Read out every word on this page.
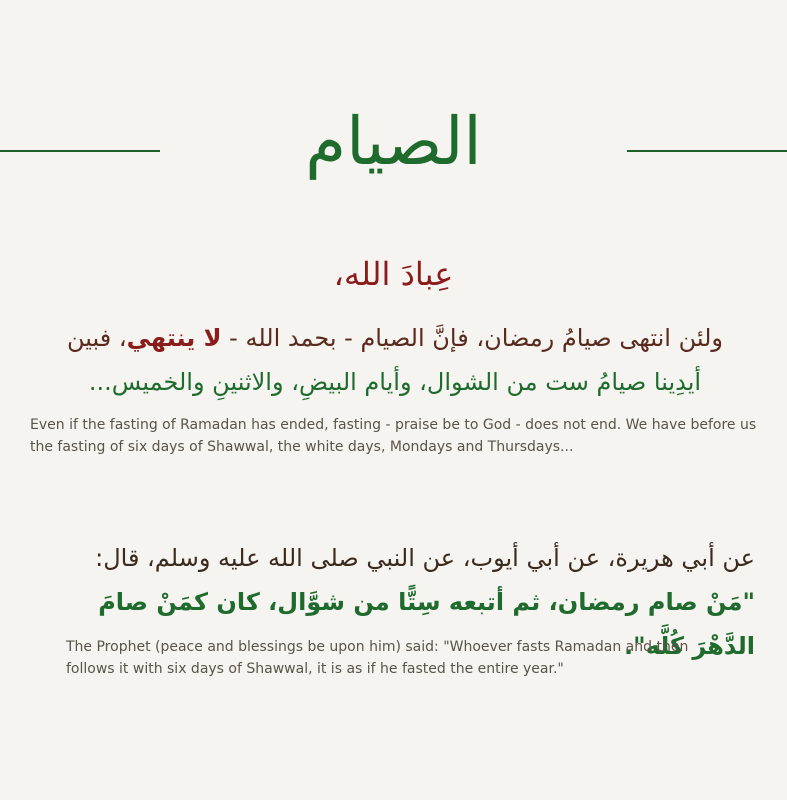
الصيام
عِبادَ الله،
ولئن انتهى صيامُ رمضان، فإنَّ الصيام - بحمد الله - لا ينتهي، فبين
أيدِينا صيامُ ست من الشوال، وأيام البيضِ، والاثنينِ والخميس...
Even if the fasting of Ramadan has ended, fasting - praise be to God - does not end. We have before us the fasting of six days of Shawwal, the white days, Mondays and Thursdays...
عن أبي هريرة، عن أبي أيوب، عن النبي صلى الله عليه وسلم، قال:
"مَنْ صام رمضان، ثم أتبعه سِتًّا من شوَّال، كان كمَنْ صامَ الدَّهْرَ كُلَّه".
The Prophet (peace and blessings be upon him) said: "Whoever fasts Ramadan and then follows it with six days of Shawwal, it is as if he fasted the entire year."
